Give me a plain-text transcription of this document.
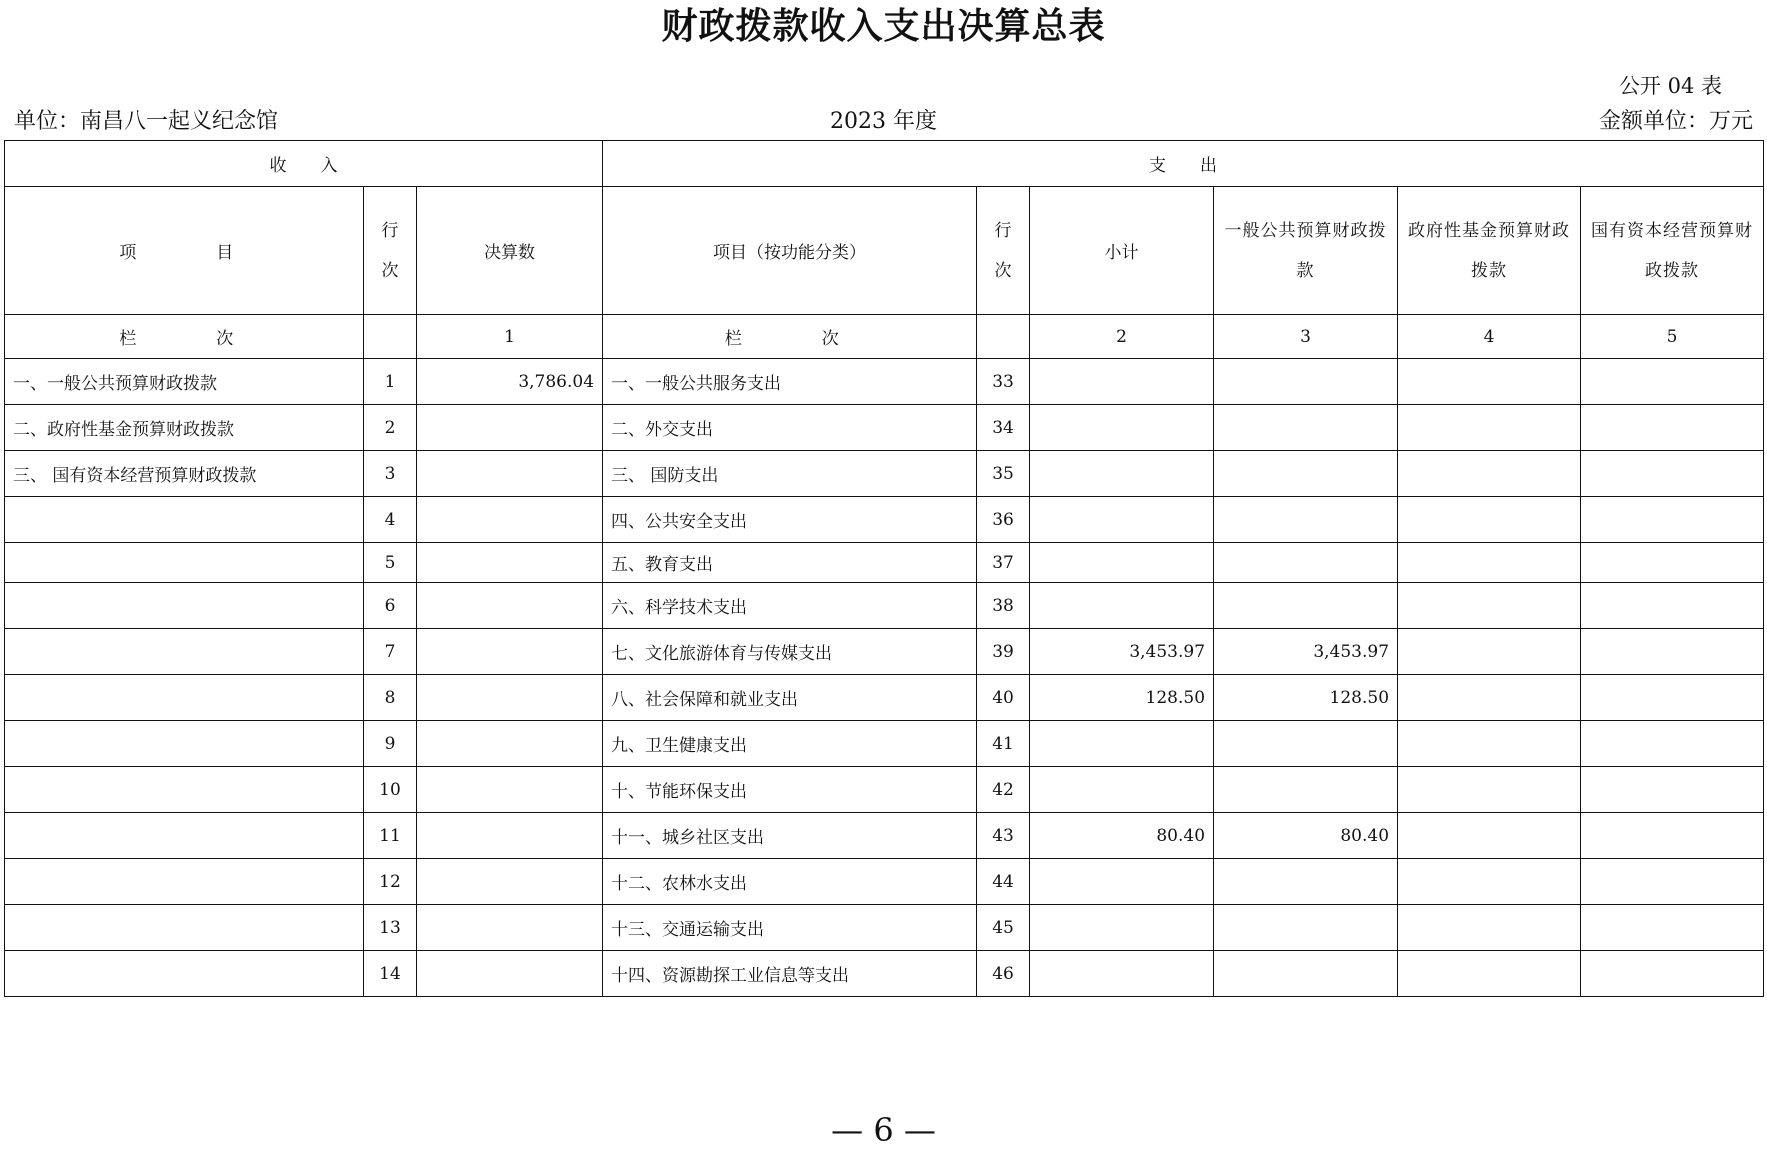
财政拨款收入支出决算总表
公开 04 表
单位：南昌八一起义纪念馆	2023 年度	金额单位：万元
收　　入			支　　出					
项　　目	行次	决算数	项目（按功能分类）	行次	小计	一般公共预算财政拨款	政府性基金预算财政拨款	国有资本经营预算财政拨款
栏　　次		1	栏　　次		2	3	4	5
一、一般公共预算财政拨款	1	3,786.04	一、一般公共服务支出	33				
二、政府性基金预算财政拨款	2		二、外交支出	34				
三、 国有资本经营预算财政拨款	3		三、 国防支出	35				
	4		四、公共安全支出	36				
	5		五、教育支出	37				
	6		六、科学技术支出	38				
	7		七、文化旅游体育与传媒支出	39	3,453.97	3,453.97		
	8		八、社会保障和就业支出	40	128.50	128.50		
	9		九、卫生健康支出	41				
	10		十、节能环保支出	42				
	11		十一、城乡社区支出	43	80.40	80.40		
	12		十二、农林水支出	44				
	13		十三、交通运输支出	45				
	14		十四、资源勘探工业信息等支出	46				
— 6 —
